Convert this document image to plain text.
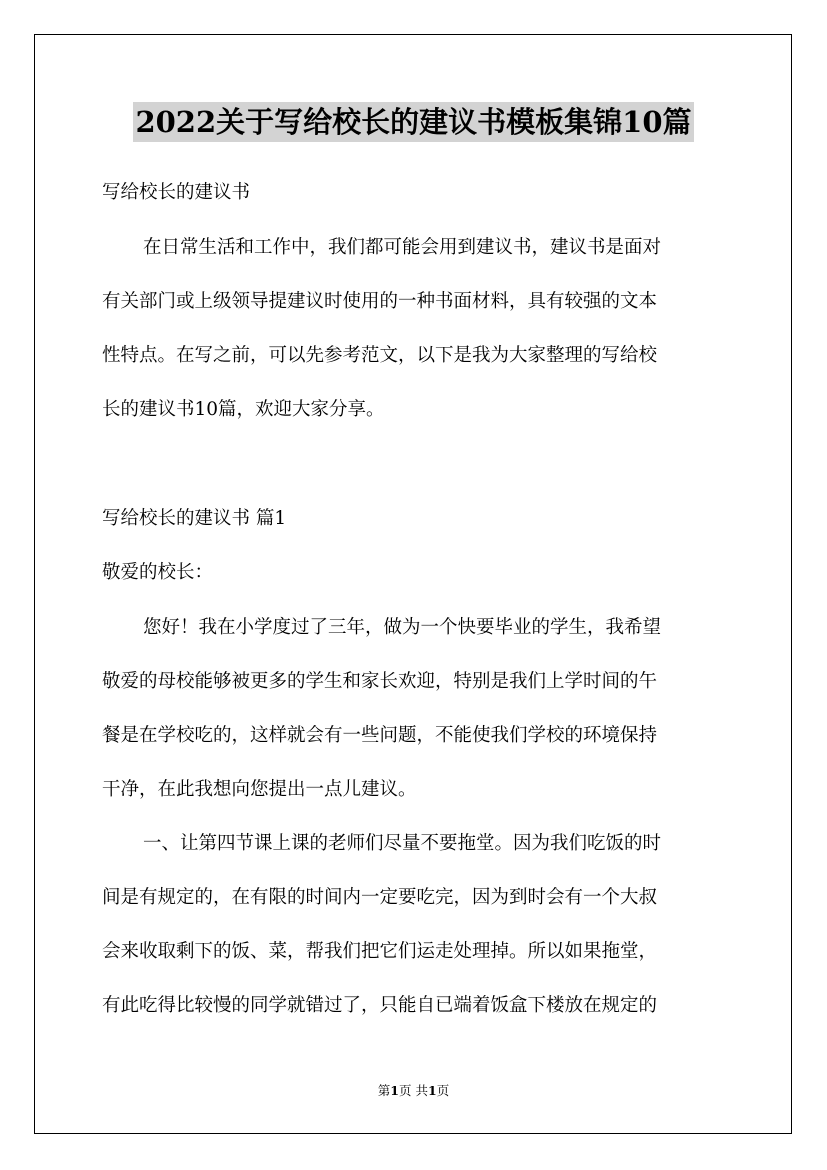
2022关于写给校长的建议书模板集锦10篇
写给校长的建议书
在日常生活和工作中，我们都可能会用到建议书，建议书是面对
有关部门或上级领导提建议时使用的一种书面材料，具有较强的文本
性特点。在写之前，可以先参考范文，以下是我为大家整理的写给校
长的建议书10篇，欢迎大家分享。
写给校长的建议书 篇1
敬爱的校长：
您好！我在小学度过了三年，做为一个快要毕业的学生，我希望
敬爱的母校能够被更多的学生和家长欢迎，特别是我们上学时间的午
餐是在学校吃的，这样就会有一些问题，不能使我们学校的环境保持
干净，在此我想向您提出一点儿建议。
一、让第四节课上课的老师们尽量不要拖堂。因为我们吃饭的时
间是有规定的，在有限的时间内一定要吃完，因为到时会有一个大叔
会来收取剩下的饭、菜，帮我们把它们运走处理掉。所以如果拖堂，
有此吃得比较慢的同学就错过了，只能自已端着饭盒下楼放在规定的
第1页 共1页
